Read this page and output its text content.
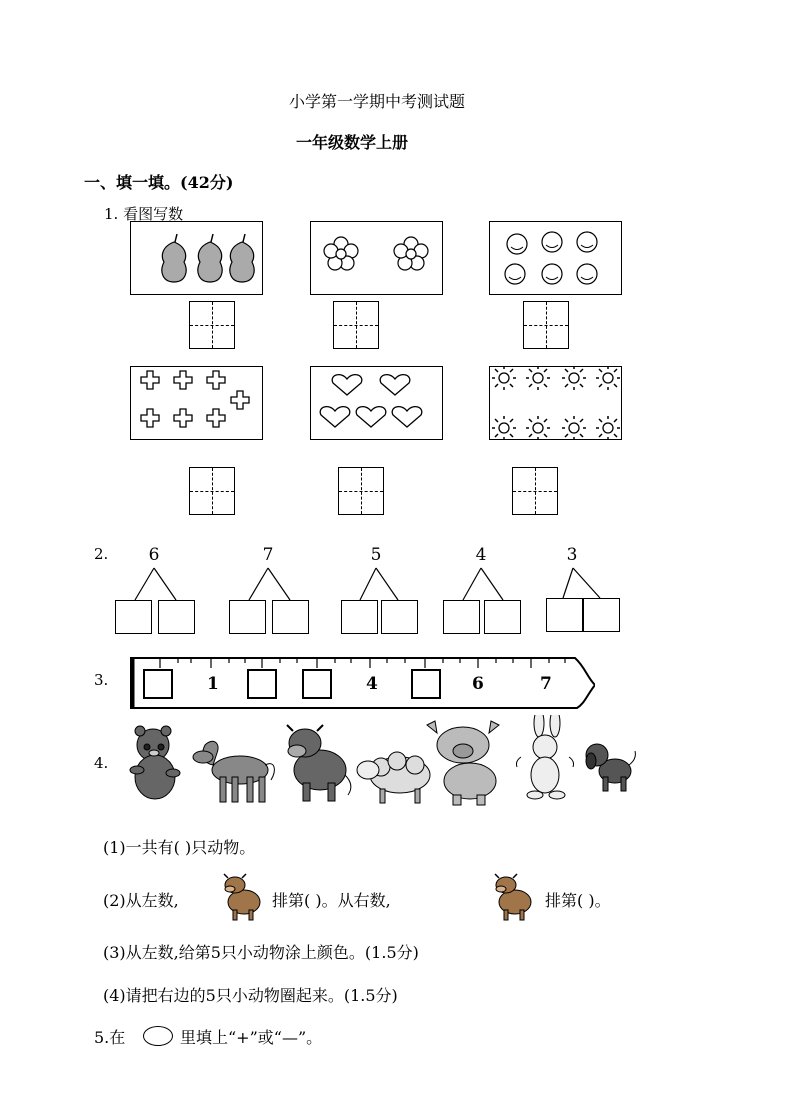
小学第一学期中考测试题
一年级数学上册
一、填一填。(42分)
1. 看图写数
2. 6	7	5	4	3
3.	1	4	6	7
4.
(1)一共有( )只动物。
(2)从左数,	排第( )。从右数,	排第( )。
(3)从左数,给第5只小动物涂上颜色。(1.5分)
(4)请把右边的5只小动物圈起来。(1.5分)
5.在	里填上“+”或“—”。
